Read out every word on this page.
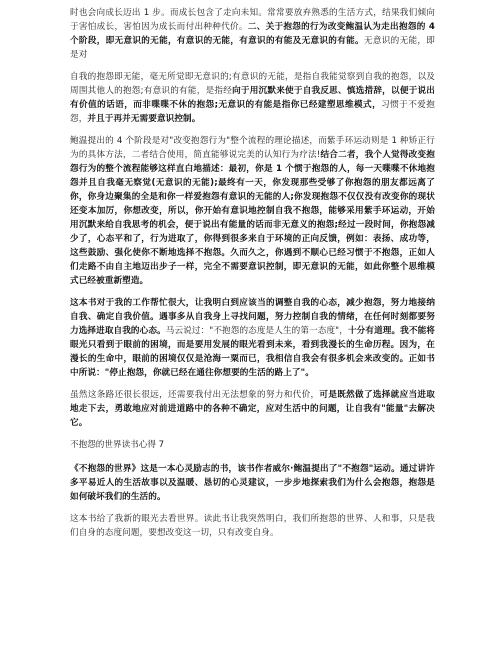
时也会向成长迈出 1 步。而成长包含了走向未知。常常要放弃熟悉的生活方式，结果我们倾向于害怕成长，害怕因为成长而付出种种代价。二、关于抱怨的行为改变鲍温认为走出抱怨的 4 个阶段，即无意识的无能，有意识的无能，有意识的有能及无意识的有能。无意识的无能，即是对

自我的抱怨即无能，毫无所觉即无意识的;有意识的无能，是指自我能觉察到自我的抱怨，以及周围其他人的抱怨;有意识的有能，是指经向于用沉默来使于自我反思、慎选措辞，以便于说出有价值的话语，而非喋喋不休的抱怨;无意识的有能是指你已经建塑思维模式，习惯于不爱抱怨，并且于再并无需要意识控制。

鲍温提出的 4 个阶段是对"改变抱怨行为"整个流程的理论描述，而紫手环运动则是 1 种矫正行为的具体方法，二者结合使用，简直能够说完美的认知行为疗法!结合二者，我个人觉得改变抱怨行为的整个流程能够这样直白地描述：最初，你是 1 个惯于抱怨的人，每一天喋喋不休地抱怨并且自我毫无察觉(无意识的无能);最终有一天，你发现那些受够了你抱怨的朋友都远离了你，你身边聚集的全是和你一样爱抱怨有意识的无能的人;你发现抱怨不仅仅没有改变你的现状还变本加厉，你想改变，所以，你开始有意识地控制自我不抱怨，能够采用紫手环运动，开始用沉默来给自我思考的机会，便于说出有能量的话而非无意义的抱怨;经过一段时间，你抱怨减少了，心态平和了，行为进取了，你得到很多来自于环境的正向反馈，例如：表扬、成功等，这些鼓励、强化使你不断地选择不抱怨。久而久之，你遇到不顺心已经习惯于不抱怨，正如人们走路不由自主地迈出步子一样，完全不需要意识控制，即无意识的无能，如此你整个思维模式已经被重新塑造。

这本书对于我的工作帮忙很大，让我明白到应该当的调整自我的心态，减少抱怨，努力地接纳自我、确定自我价值。遇事多从自我身上寻找问题，努力控制自我的情绪，在任何时刻都要努力选择进取自我的心态。马云说过："不抱怨的态度是人生的第一态度"，十分有道理。我不能将眼光只看到于眼前的困境，而是要用发展的眼光看到未来，看到我漫长的生命历程。因为，在漫长的生命中，眼前的困境仅仅是沧海一粟而已，我相信自我会有很多机会来改变的。正如书中所说："停止抱怨，你就已经在通往你想要的生活的路上了"。

虽然这条路还很长很远，还需要我付出无法想象的努力和代价，可是既然做了选择就应当进取地走下去，勇敢地应对前进道路中的各种不确定，应对生活中的问题，让自我有"能量"去解决它。

不抱怨的世界读书心得 7

《不抱怨的世界》这是一本心灵励志的书，该书作者威尔·鲍温提出了"不抱怨"运动。通过讲许多平易近人的生活故事以及温暖、恳切的心灵建议，一步步地探索我们为什么会抱怨，抱怨是如何破坏我们的生活的。

这本书给了我新的眼光去看世界。读此书让我突然明白，我们所抱怨的世界、人和事，只是我们自身的态度问题，要想改变这一切，只有改变自身。
